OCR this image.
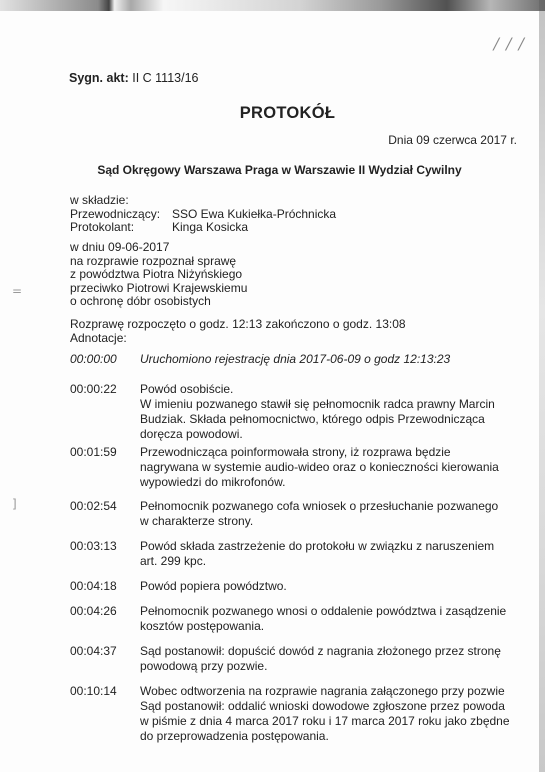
/ / /
=
]
Sygn. akt: II C 1113/16
PROTOKÓŁ
Dnia 09 czerwca 2017 r.
Sąd Okręgowy Warszawa Praga w Warszawie II Wydział Cywilny
w składzie:
Przewodniczący: SSO Ewa Kukiełka-Próchnicka
Protokolant:	Kinga Kosicka
w dniu 09-06-2017
na rozprawie rozpoznał sprawę
z powództwa Piotra Niżyńskiego
przeciwko Piotrowi Krajewskiemu
o ochronę dóbr osobistych
Rozprawę rozpoczęto o godz. 12:13 zakończono o godz. 13:08
Adnotacje:
00:00:00	Uruchomiono rejestrację dnia 2017-06-09 o godz 12:13:23
00:00:22	Powód osobiście.
W imieniu pozwanego stawił się pełnomocnik radca prawny Marcin Budziak. Składa pełnomocnictwo, którego odpis Przewodnicząca doręcza powodowi.
00:01:59	Przewodnicząca poinformowała strony, iż rozprawa będzie nagrywana w systemie audio-wideo oraz o konieczności kierowania wypowiedzi do mikrofonów.
00:02:54	Pełnomocnik pozwanego cofa wniosek o przesłuchanie pozwanego w charakterze strony.
00:03:13	Powód składa zastrzeżenie do protokołu w związku z naruszeniem art. 299 kpc.
00:04:18	Powód popiera powództwo.
00:04:26	Pełnomocnik pozwanego wnosi o oddalenie powództwa i zasądzenie kosztów postępowania.
00:04:37	Sąd postanowił: dopuścić dowód z nagrania złożonego przez stronę powodową przy pozwie.
00:10:14	Wobec odtworzenia na rozprawie nagrania załączonego przy pozwie
Sąd postanowił: oddalić wnioski dowodowe zgłoszone przez powoda w piśmie z dnia 4 marca 2017 roku i 17 marca 2017 roku jako zbędne do przeprowadzenia postępowania.
